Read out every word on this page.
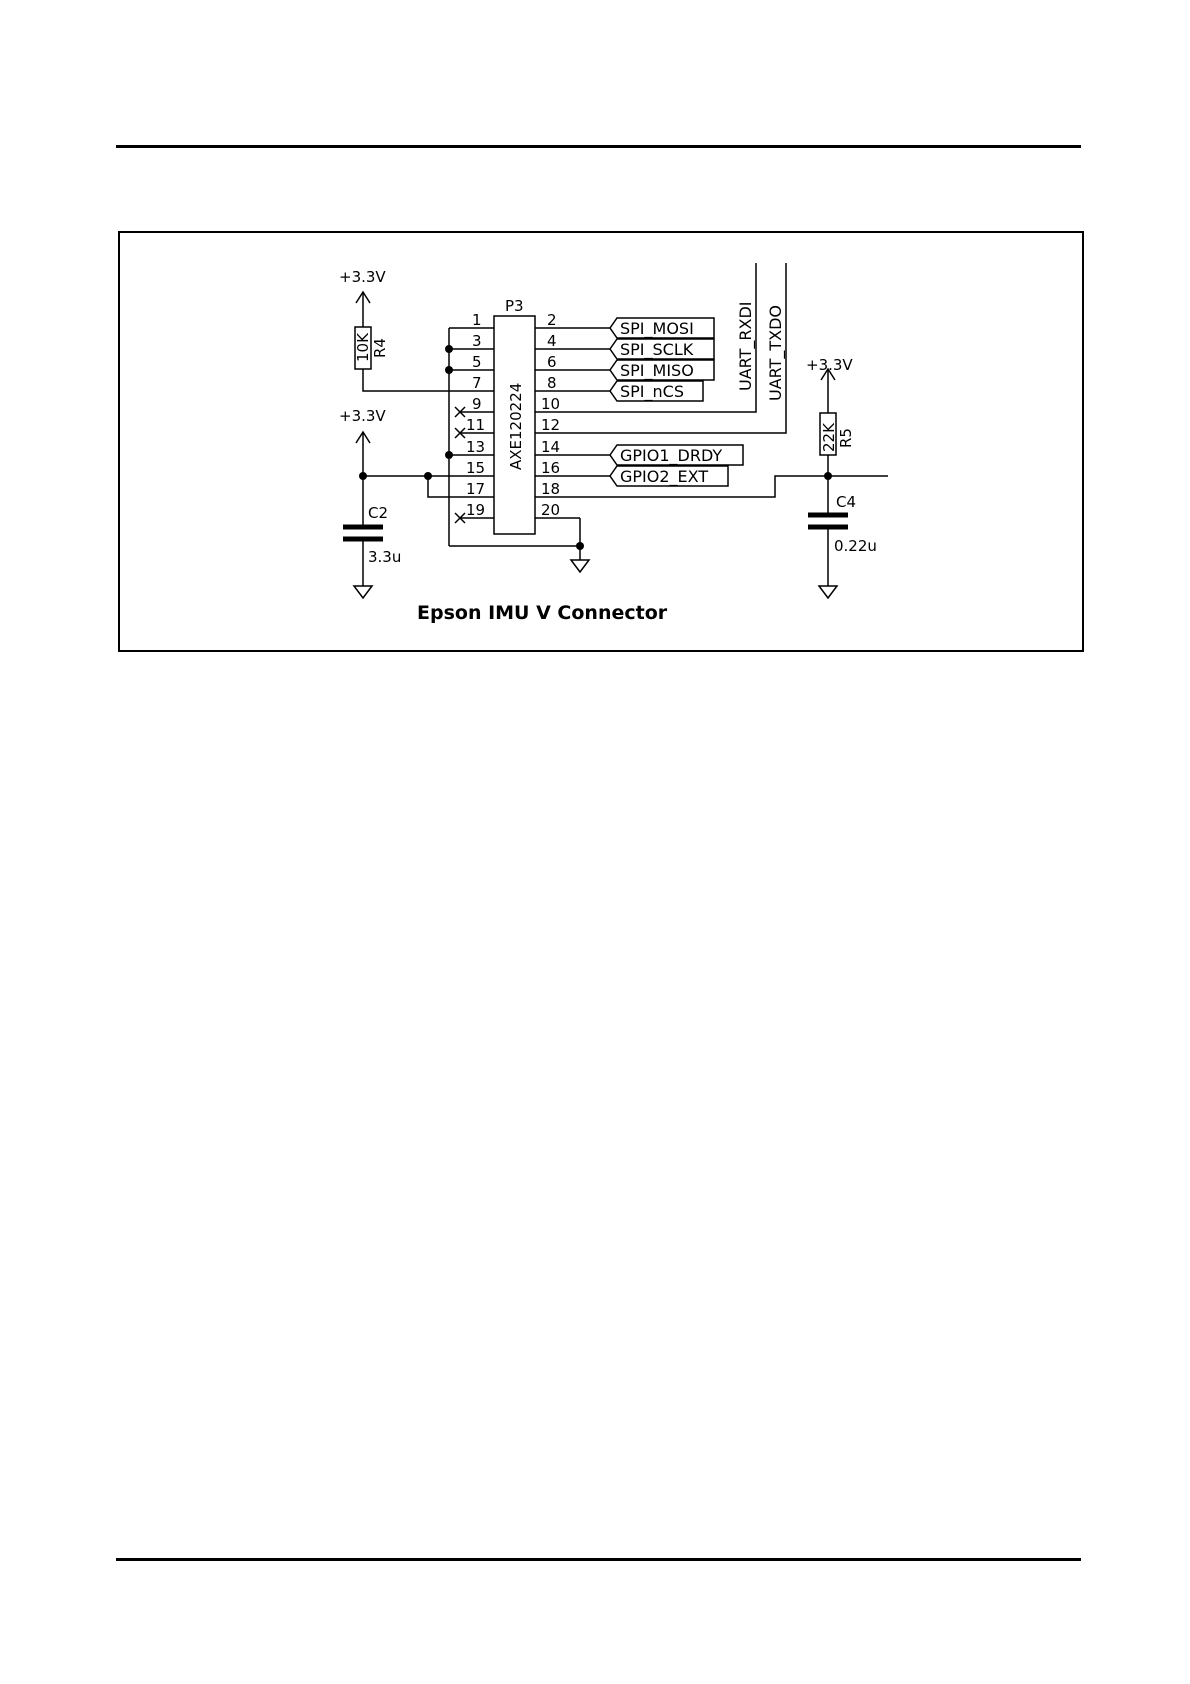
P3
AXE120224
1
3
5
7
9
11
13
15
17
19
2
4
6
8
10
12
14
16
18
20
+3.3V
10K R4
+3.3V
C2
3.3u
SPI_MOSI
SPI_SCLK
SPI_MISO
SPI_nCS
UART_RXDI UART_TXDO
GPIO1_DRDY
GPIO2_EXT
+3.3V
22K R5
C4
0.22u
Epson IMU V Connector
